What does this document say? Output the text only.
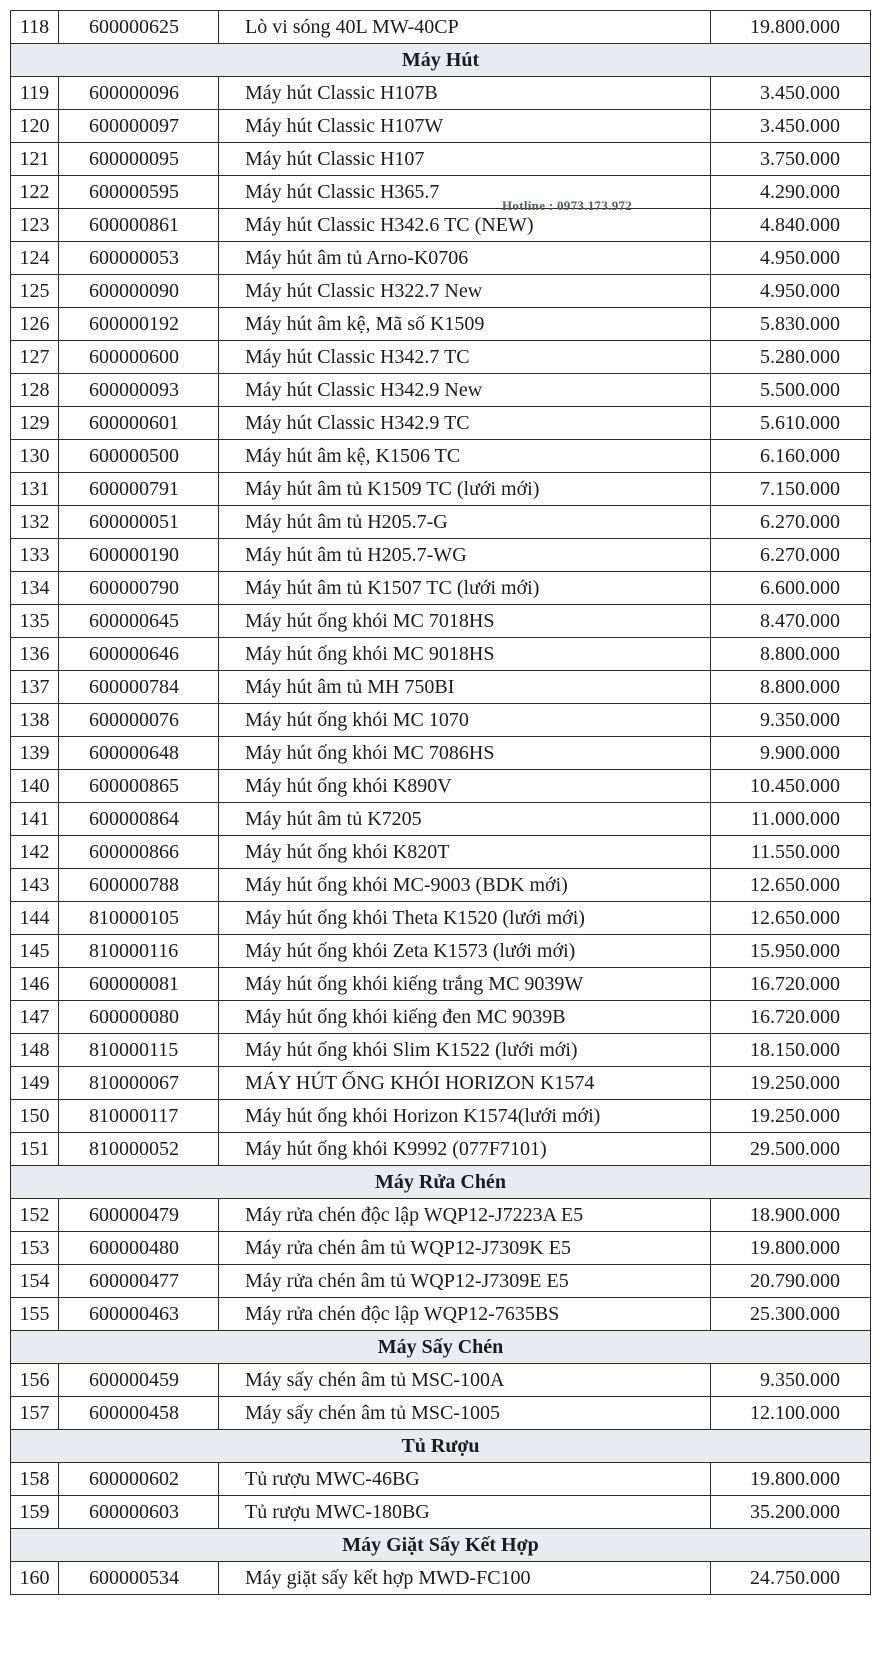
118	600000625	Lò vi sóng 40L MW-40CP	19.800.000
Máy Hút			
119	600000096	Máy hút Classic H107B	3.450.000
120	600000097	Máy hút Classic H107W	3.450.000
121	600000095	Máy hút Classic H107	3.750.000
122	600000595	Máy hút Classic H365.7	4.290.000
123	600000861	Máy hút Classic H342.6 TC (NEW)	4.840.000
124	600000053	Máy hút âm tủ Arno-K0706	4.950.000
125	600000090	Máy hút Classic H322.7 New	4.950.000
126	600000192	Máy hút âm kệ, Mã số K1509	5.830.000
127	600000600	Máy hút Classic H342.7 TC	5.280.000
128	600000093	Máy hút Classic H342.9 New	5.500.000
129	600000601	Máy hút Classic H342.9 TC	5.610.000
130	600000500	Máy hút âm kệ, K1506 TC	6.160.000
131	600000791	Máy hút âm tủ K1509 TC (lưới mới)	7.150.000
132	600000051	Máy hút âm tủ H205.7-G	6.270.000
133	600000190	Máy hút âm tủ H205.7-WG	6.270.000
134	600000790	Máy hút âm tủ K1507 TC (lưới mới)	6.600.000
135	600000645	Máy hút ống khói MC 7018HS	8.470.000
136	600000646	Máy hút ống khói MC 9018HS	8.800.000
137	600000784	Máy hút âm tủ MH 750BI	8.800.000
138	600000076	Máy hút ống khói MC 1070	9.350.000
139	600000648	Máy hút ống khói MC 7086HS	9.900.000
140	600000865	Máy hút ống khói K890V	10.450.000
141	600000864	Máy hút âm tủ K7205	11.000.000
142	600000866	Máy hút ống khói K820T	11.550.000
143	600000788	Máy hút ống khói MC-9003 (BDK mới)	12.650.000
144	810000105	Máy hút ống khói Theta K1520 (lưới mới)	12.650.000
145	810000116	Máy hút ống khói Zeta K1573 (lưới mới)	15.950.000
146	600000081	Máy hút ống khói kiếng trắng MC 9039W	16.720.000
147	600000080	Máy hút ống khói kiếng đen MC 9039B	16.720.000
148	810000115	Máy hút ống khói Slim K1522 (lưới mới)	18.150.000
149	810000067	MÁY HÚT ỐNG KHÓI HORIZON K1574	19.250.000
150	810000117	Máy hút ống khói Horizon K1574(lưới mới)	19.250.000
151	810000052	Máy hút ống khói K9992 (077F7101)	29.500.000
Máy Rửa Chén			
152	600000479	Máy rửa chén độc lập WQP12-J7223A E5	18.900.000
153	600000480	Máy rửa chén âm tủ WQP12-J7309K E5	19.800.000
154	600000477	Máy rửa chén âm tủ WQP12-J7309E E5	20.790.000
155	600000463	Máy rửa chén độc lập WQP12-7635BS	25.300.000
Máy Sấy Chén			
156	600000459	Máy sấy chén âm tủ MSC-100A	9.350.000
157	600000458	Máy sấy chén âm tủ MSC-1005	12.100.000
Tủ Rượu			
158	600000602	Tủ rượu MWC-46BG	19.800.000
159	600000603	Tủ rượu MWC-180BG	35.200.000
Máy Giặt Sấy Kết Hợp			
160	600000534	Máy giặt sấy kết hợp MWD-FC100	24.750.000
Hotline : 0973.173.972
